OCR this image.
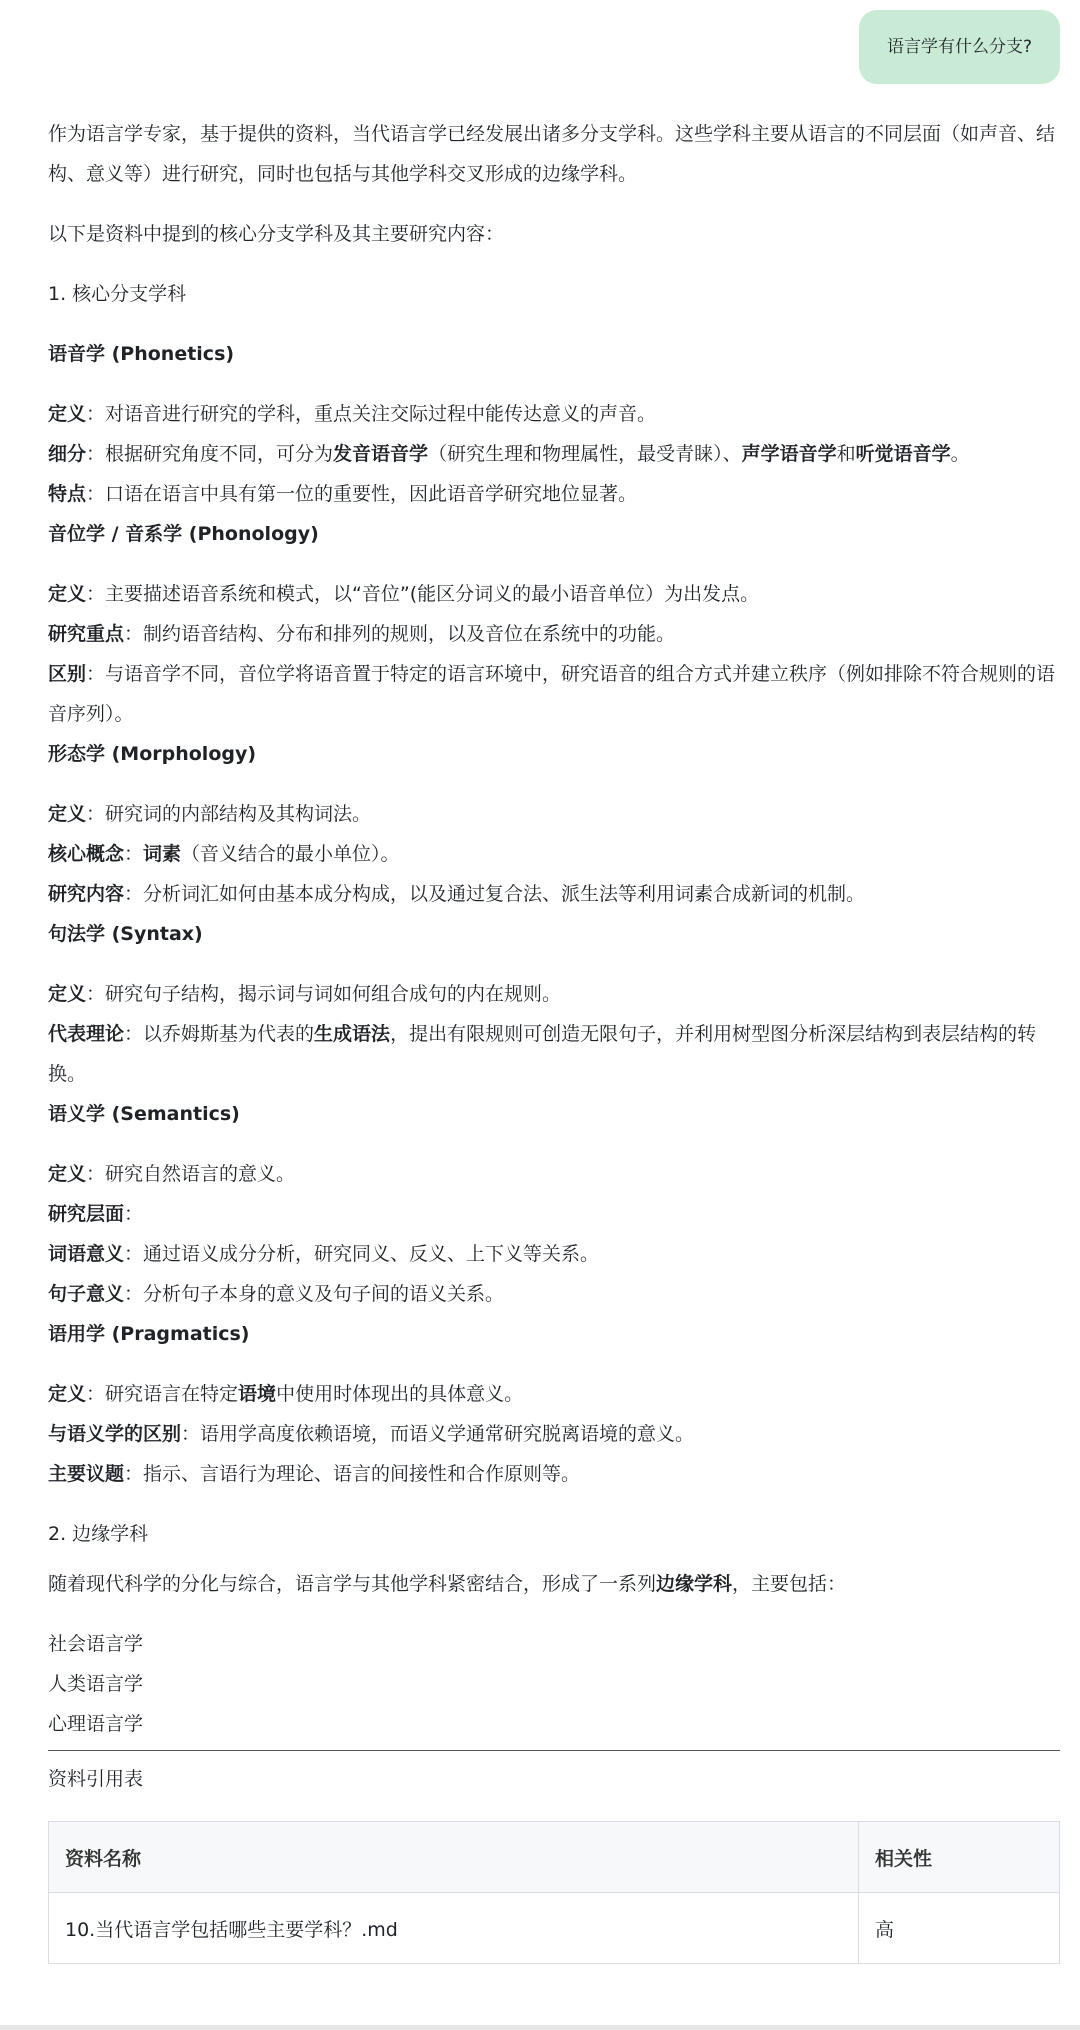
语言学有什么分支?
作为语言学专家，基于提供的资料，当代语言学已经发展出诸多分支学科。这些学科主要从语言的不同层面（如声音、结构、意义等）进行研究，同时也包括与其他学科交叉形成的边缘学科。
以下是资料中提到的核心分支学科及其主要研究内容：
1. 核心分支学科
语音学 (Phonetics)
定义：对语音进行研究的学科，重点关注交际过程中能传达意义的声音。
细分：根据研究角度不同，可分为发音语音学（研究生理和物理属性，最受青睐）、声学语音学和听觉语音学。
特点：口语在语言中具有第一位的重要性，因此语音学研究地位显著。
音位学 / 音系学 (Phonology)
定义：主要描述语音系统和模式，以“音位”(能区分词义的最小语音单位）为出发点。
研究重点：制约语音结构、分布和排列的规则，以及音位在系统中的功能。
区别：与语音学不同，音位学将语音置于特定的语言环境中，研究语音的组合方式并建立秩序（例如排除不符合规则的语音序列）。
形态学 (Morphology)
定义：研究词的内部结构及其构词法。
核心概念：词素（音义结合的最小单位）。
研究内容：分析词汇如何由基本成分构成，以及通过复合法、派生法等利用词素合成新词的机制。
句法学 (Syntax)
定义：研究句子结构，揭示词与词如何组合成句的内在规则。
代表理论：以乔姆斯基为代表的生成语法，提出有限规则可创造无限句子，并利用树型图分析深层结构到表层结构的转换。
语义学 (Semantics)
定义：研究自然语言的意义。
研究层面：
词语意义：通过语义成分分析，研究同义、反义、上下义等关系。
句子意义：分析句子本身的意义及句子间的语义关系。
语用学 (Pragmatics)
定义：研究语言在特定语境中使用时体现出的具体意义。
与语义学的区别：语用学高度依赖语境，而语义学通常研究脱离语境的意义。
主要议题：指示、言语行为理论、语言的间接性和合作原则等。
2. 边缘学科
随着现代科学的分化与综合，语言学与其他学科紧密结合，形成了一系列边缘学科，主要包括：
社会语言学
人类语言学
心理语言学
资料引用表
资料名称	相关性
10.当代语言学包括哪些主要学科？.md	高
